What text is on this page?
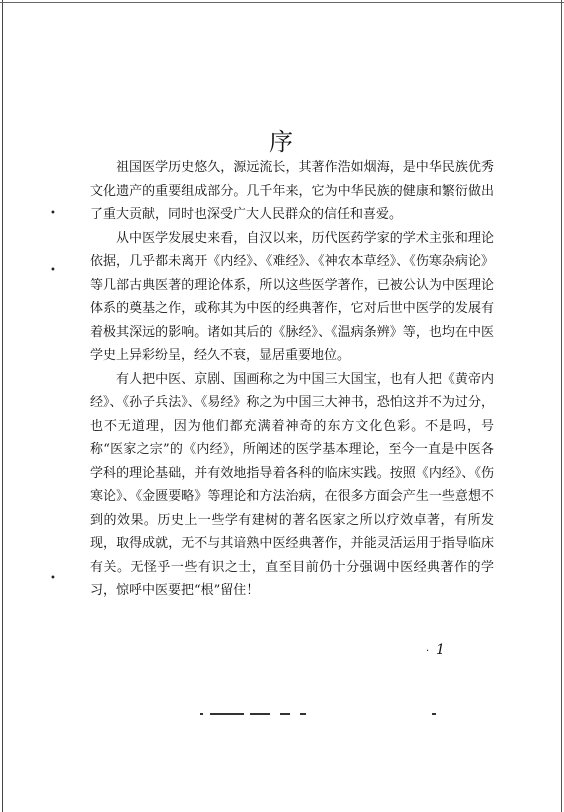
序

祖国医学历史悠久，源远流长，其著作浩如烟海，是中华民族优秀文化遗产的重要组成部分。几千年来，它为中华民族的健康和繁衍做出了重大贡献，同时也深受广大人民群众的信任和喜爱。

从中医学发展史来看，自汉以来，历代医药学家的学术主张和理论依据，几乎都未离开《内经》、《难经》、《神农本草经》、《伤寒杂病论》等几部古典医著的理论体系，所以这些医学著作，已被公认为中医理论体系的奠基之作，或称其为中医的经典著作，它对后世中医学的发展有着极其深远的影响。诸如其后的《脉经》、《温病条辨》等，也均在中医学史上异彩纷呈，经久不衰，显居重要地位。

有人把中医、京剧、国画称之为中国三大国宝，也有人把《黄帝内经》、《孙子兵法》、《易经》称之为中国三大神书，恐怕这并不为过分，也不无道理，因为他们都充满着神奇的东方文化色彩。不是吗，号称“医家之宗”的《内经》，所阐述的医学基本理论，至今一直是中医各学科的理论基础，并有效地指导着各科的临床实践。按照《内经》、《伤寒论》、《金匮要略》等理论和方法治病，在很多方面会产生一些意想不到的效果。历史上一些学有建树的著名医家之所以疗效卓著，有所发现，取得成就，无不与其谙熟中医经典著作，并能灵活运用于指导临床有关。无怪乎一些有识之士，直至目前仍十分强调中医经典著作的学习，惊呼中医要把“根”留住！

•
•
•
· 1
